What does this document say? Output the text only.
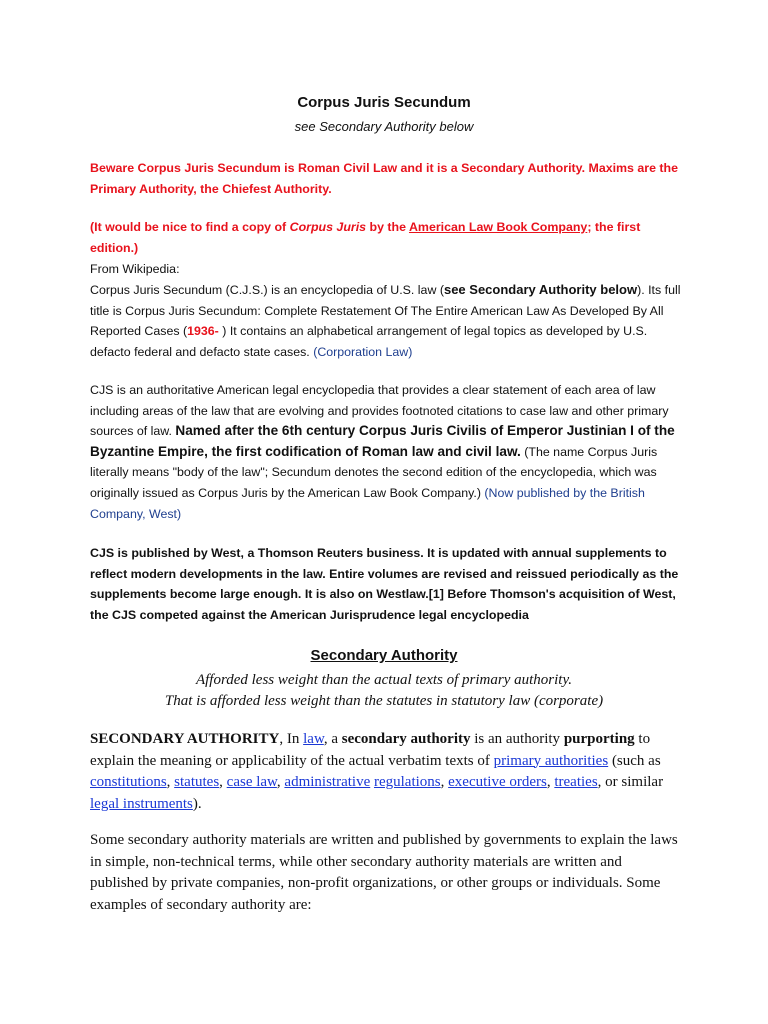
Corpus Juris Secundum
see Secondary Authority below
Beware Corpus Juris Secundum is Roman Civil Law and it is a Secondary Authority. Maxims are the Primary Authority, the Chiefest Authority.
(It would be nice to find a copy of Corpus Juris by the American Law Book Company; the first edition.)
From Wikipedia:
Corpus Juris Secundum (C.J.S.) is an encyclopedia of U.S. law (see Secondary Authority below). Its full title is Corpus Juris Secundum: Complete Restatement Of The Entire American Law As Developed By All Reported Cases (1936- ) It contains an alphabetical arrangement of legal topics as developed by U.S. defacto federal and defacto state cases. (Corporation Law)
CJS is an authoritative American legal encyclopedia that provides a clear statement of each area of law including areas of the law that are evolving and provides footnoted citations to case law and other primary sources of law. Named after the 6th century Corpus Juris Civilis of Emperor Justinian I of the Byzantine Empire, the first codification of Roman law and civil law. (The name Corpus Juris literally means "body of the law"; Secundum denotes the second edition of the encyclopedia, which was originally issued as Corpus Juris by the American Law Book Company.) (Now published by the British Company, West)
CJS is published by West, a Thomson Reuters business. It is updated with annual supplements to reflect modern developments in the law. Entire volumes are revised and reissued periodically as the supplements become large enough. It is also on Westlaw.[1] Before Thomson's acquisition of West, the CJS competed against the American Jurisprudence legal encyclopedia
Secondary Authority
Afforded less weight than the actual texts of primary authority.
That is afforded less weight than the statutes in statutory law (corporate)
SECONDARY AUTHORITY, In law, a secondary authority is an authority purporting to explain the meaning or applicability of the actual verbatim texts of primary authorities (such as constitutions, statutes, case law, administrative regulations, executive orders, treaties, or similar legal instruments).
Some secondary authority materials are written and published by governments to explain the laws in simple, non-technical terms, while other secondary authority materials are written and published by private companies, non-profit organizations, or other groups or individuals. Some examples of secondary authority are:
